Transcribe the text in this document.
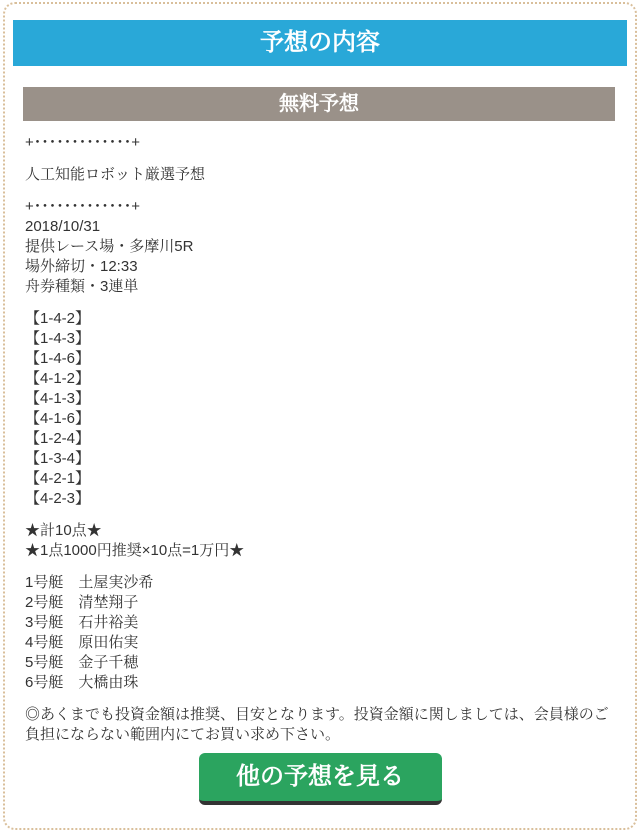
予想の内容
無料予想
+･････････････+
人工知能ロボット厳選予想
+･････････････+
2018/10/31
提供レース場・多摩川5R
場外締切・12:33
舟券種類・3連単
【1-4-2】
【1-4-3】
【1-4-6】
【4-1-2】
【4-1-3】
【4-1-6】
【1-2-4】
【1-3-4】
【4-2-1】
【4-2-3】
★計10点★
★1点1000円推奨×10点=1万円★
1号艇 土屋実沙希
2号艇 清埜翔子
3号艇 石井裕美
4号艇 原田佑実
5号艇 金子千穂
6号艇 大橋由珠
◎あくまでも投資金額は推奨、目安となります。投資金額に関しましては、会員様のご負担にならない範囲内にてお買い求め下さい。
他の予想を見る
